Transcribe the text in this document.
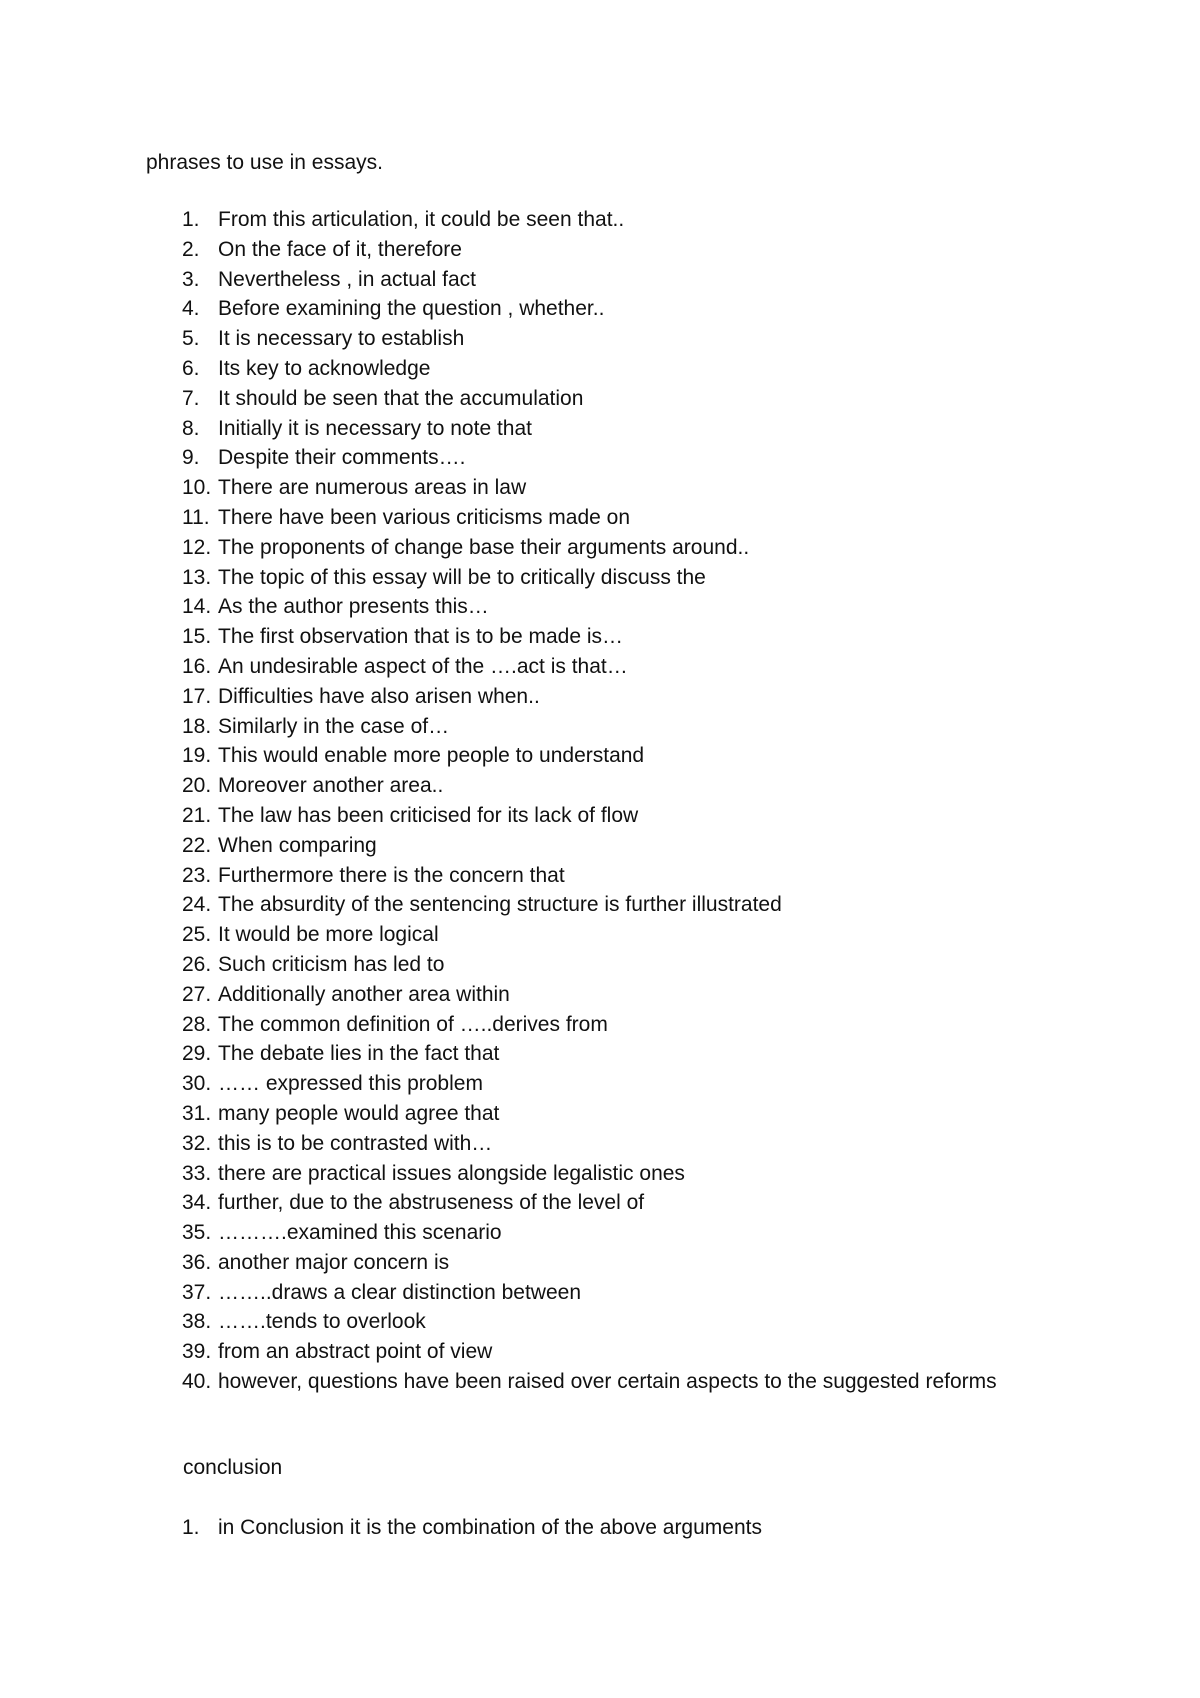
phrases to use in essays.
1. From this articulation, it could be seen that..
2. On the face of it, therefore
3. Nevertheless , in actual fact
4. Before examining the question , whether..
5. It is necessary to establish
6. Its key to acknowledge
7. It should be seen that the accumulation
8. Initially it is necessary to note that
9. Despite their comments….
10. There are numerous areas in law
11. There have been various criticisms made on
12. The proponents of change base their arguments around..
13. The topic of this essay will be to critically discuss the
14. As the author presents this…
15. The first observation that is to be made is…
16. An undesirable aspect of the ….act is that…
17. Difficulties have also arisen when..
18. Similarly in the case of…
19. This would enable more people to understand
20. Moreover another area..
21. The law has been criticised for its lack of flow
22. When comparing
23. Furthermore there is the concern that
24. The absurdity of the sentencing structure is further illustrated
25. It would be more logical
26. Such criticism has led to
27. Additionally another area within
28. The common definition of …..derives from
29. The debate lies in the fact that
30. …… expressed this problem
31. many people would agree that
32. this is to be contrasted with…
33. there are practical issues alongside legalistic ones
34. further, due to the abstruseness of the level of
35. ……….examined this scenario
36. another major concern is
37. ……..draws a clear distinction between
38. …….tends to overlook
39. from an abstract point of view
40. however, questions have been raised over certain aspects to the suggested reforms
conclusion
1. in Conclusion it is the combination of the above arguments
